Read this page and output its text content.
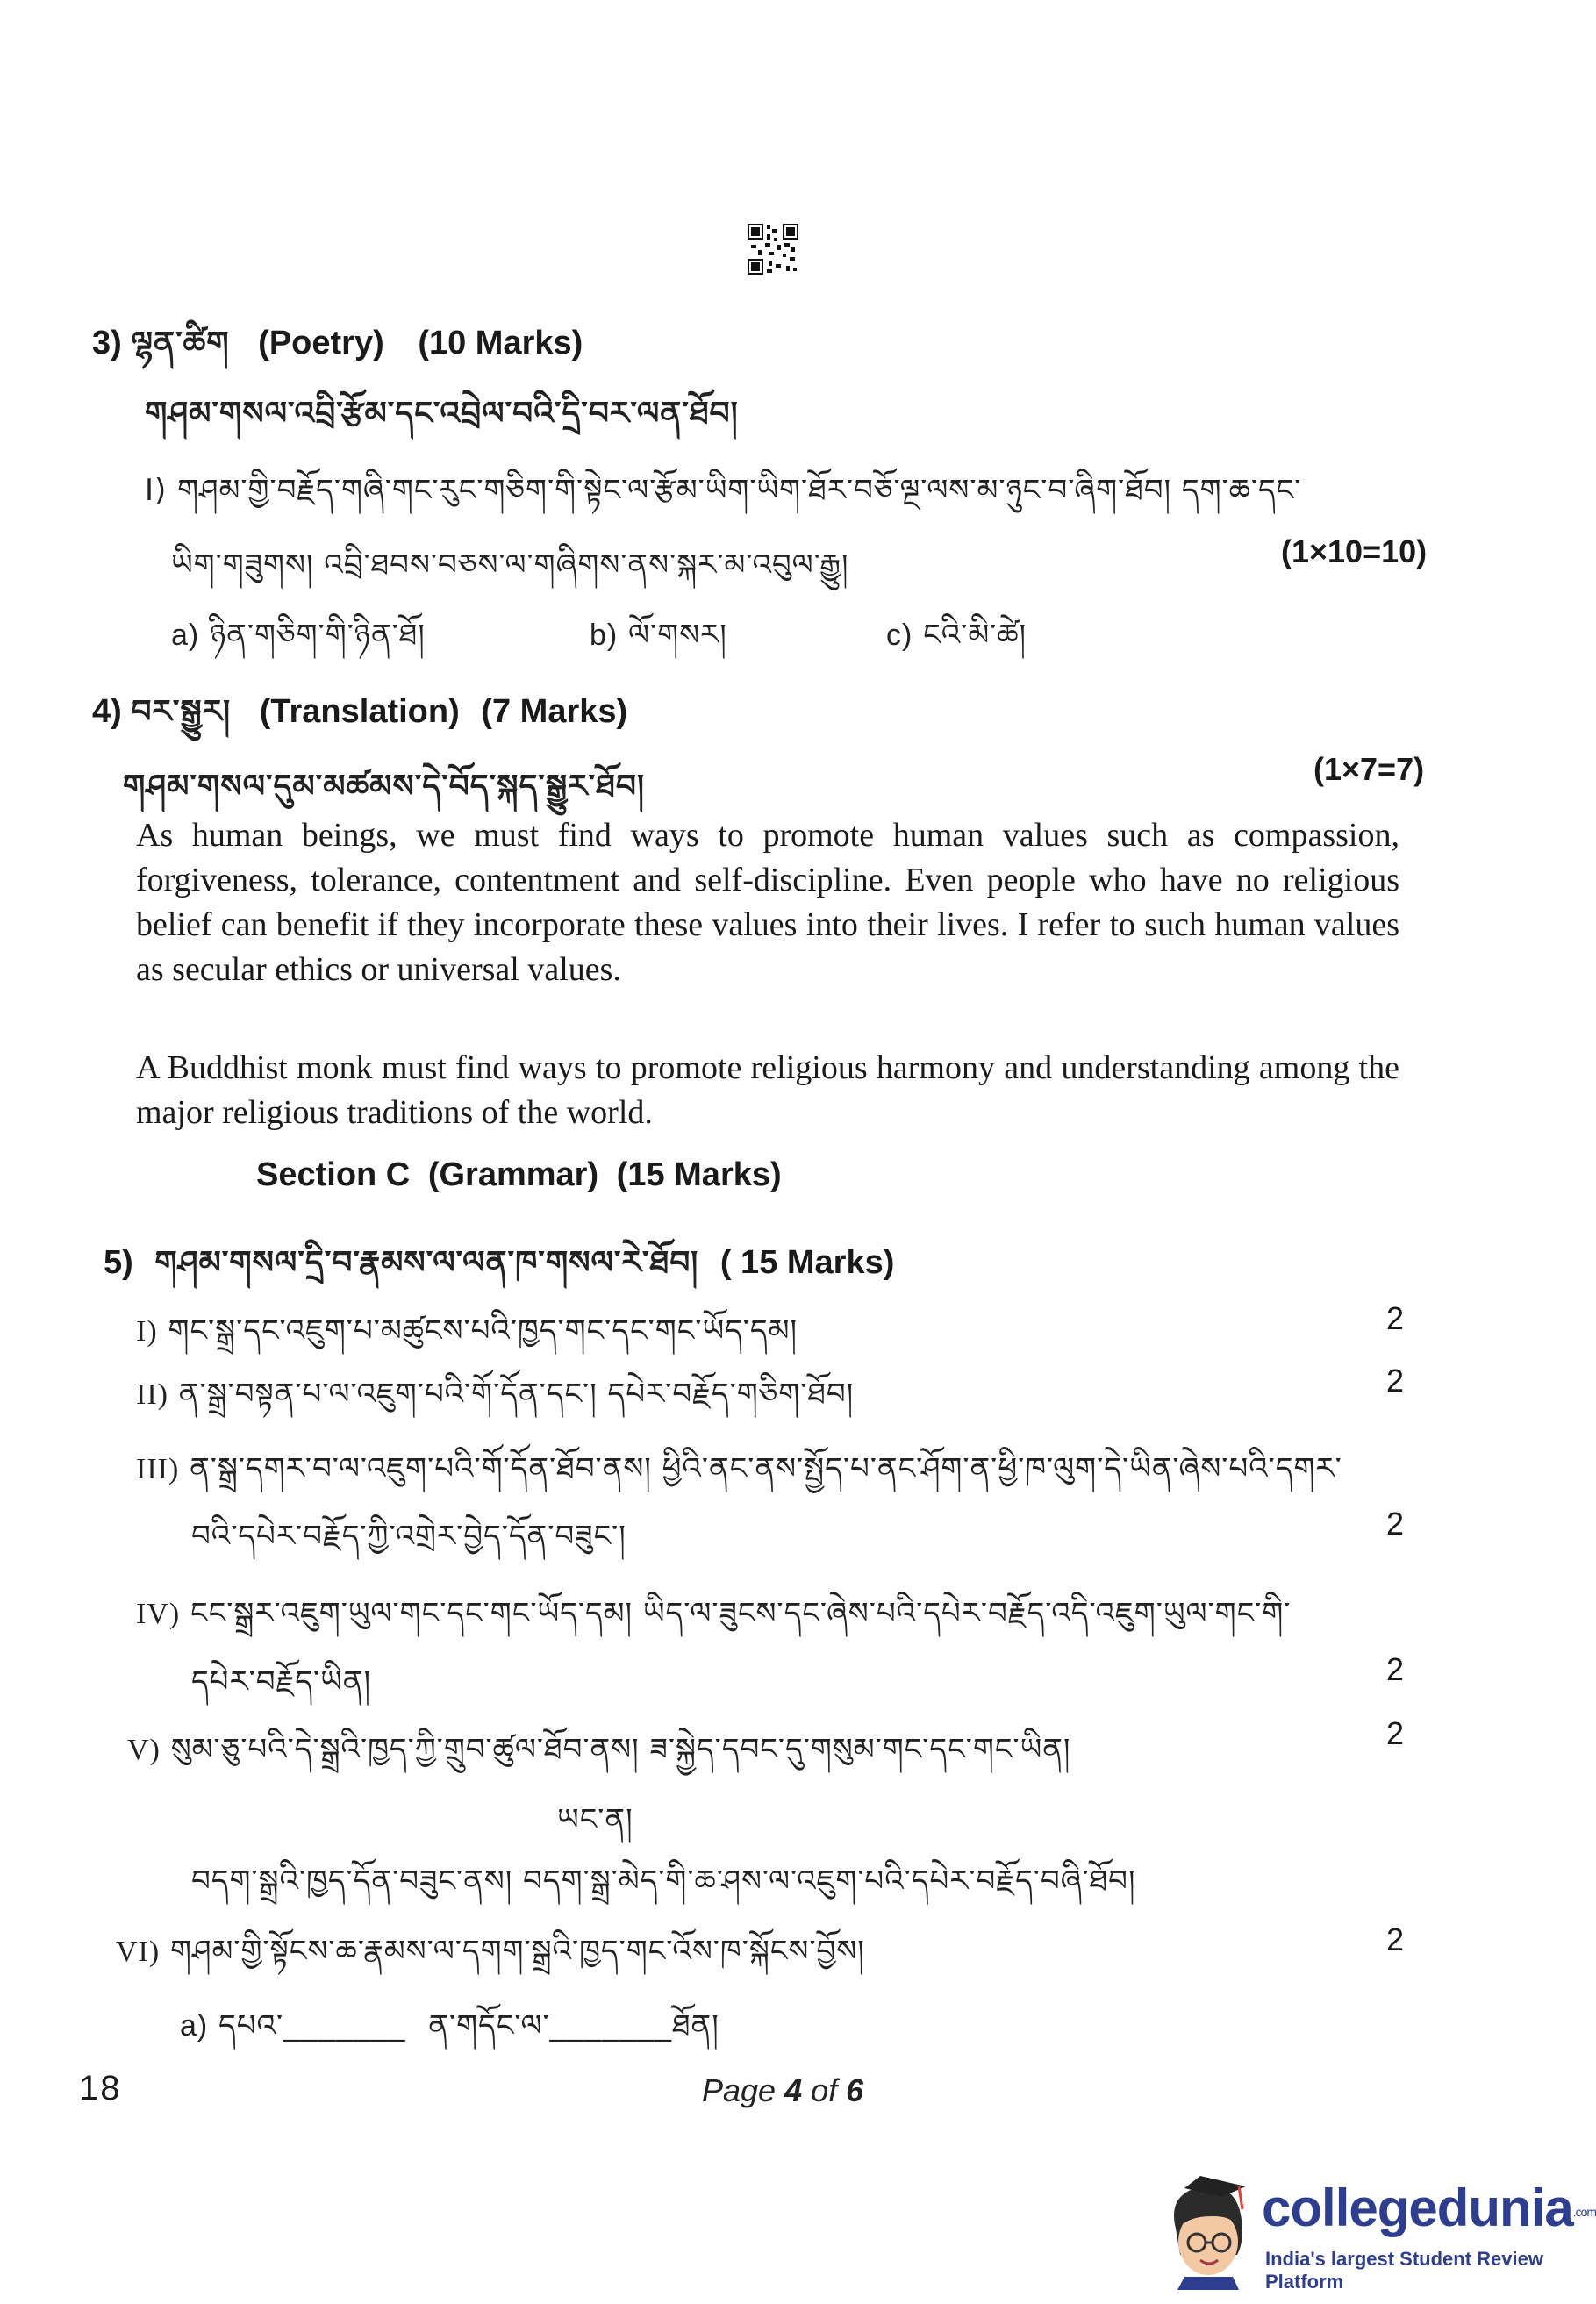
3) ལྷན་ཚིག (Poetry) (10 Marks)
གཤམ་གསལ་འབྲི་རྩོམ་དང་འབྲེལ་བའི་དྲི་བར་ལན་ཐོབ།
I) གཤམ་གྱི་བརྗོད་གཞི་གང་རུང་གཅིག་གི་སྟེང་ལ་རྩོམ་ཡིག་ཡིག་ཐོར་བཅོ་ལྔ་ལས་མ་ཉུང་བ་ཞིག་ཐོབ། དག་ཆ་དང་
ཡིག་གཟུགས། འབྲི་ཐབས་བཅས་ལ་གཞིགས་ནས་སྐར་མ་འབུལ་རྒྱུ།	(1×10=10)
a) ཉིན་གཅིག་གི་ཉིན་ཐོ།	b) ལོ་གསར།	c) ངའི་མི་ཚེ།
4) བར་སྒྱུར། (Translation) (7 Marks)
གཤམ་གསལ་དུམ་མཚམས་དེ་བོད་སྐད་སྒྱུར་ཐོབ།	(1×7=7)
As human beings, we must find ways to promote human values such as compassion, forgiveness, tolerance, contentment and self-discipline. Even people who have no religious belief can benefit if they incorporate these values into their lives. I refer to such human values as secular ethics or universal values.
A Buddhist monk must find ways to promote religious harmony and understanding among the major religious traditions of the world.
Section C (Grammar) (15 Marks)
5) གཤམ་གསལ་དྲི་བ་རྣམས་ལ་ལན་ཁ་གསལ་རེ་ཐོབ། ( 15 Marks)
I) གང་སྒྲ་དང་འཇུག་པ་མཚུངས་པའི་ཁྱད་གང་དང་གང་ཡོད་དམ།	2
II) ན་སྒྲ་བསྟན་པ་ལ་འཇུག་པའི་གོ་དོན་དང་། དཔེར་བརྗོད་གཅིག་ཐོབ།	2
III) ན་སྒྲ་དགར་བ་ལ་འཇུག་པའི་གོ་དོན་ཐོབ་ནས། ཕྱིའི་ནང་ནས་སྤྱོད་པ་ནང་ཤོག་ན་ཕྱི་ཁ་ལུག་དེ་ཡིན་ཞེས་པའི་དགར་
བའི་དཔེར་བརྗོད་ཀྱི་འགྲེར་བྱེད་དོན་བཟུང་།	2
IV) ངང་སྒྲར་འཇུག་ཡུལ་གང་དང་གང་ཡོད་དམ། ཡིད་ལ་ཟུངས་དང་ཞེས་པའི་དཔེར་བརྗོད་འདི་འཇུག་ཡུལ་གང་གི་
དཔེར་བརྗོད་ཡིན།	2
V) སུམ་ཅུ་པའི་དེ་སྒྲའི་ཁྱད་ཀྱི་གྲུབ་ཚུལ་ཐོབ་ནས། ཟ་སྐྱེད་དབང་དུ་གསུམ་གང་དང་གང་ཡིན།	2
ཡང་ན།
བདག་སྒྲའི་ཁྱད་དོན་བཟུང་ནས། བདག་སྒྲ་མེད་གི་ཆ་ཤས་ལ་འཇུག་པའི་དཔེར་བརྗོད་བཞི་ཐོབ།
VI) གཤམ་གྱི་སྟོངས་ཆ་རྣམས་ལ་དགག་སྒྲའི་ཁྱད་གང་འོས་ཁ་སྐོངས་བྱོས།	2
a) དཔའ་_______ ན་གདོང་ལ་_______ཐོན།
18	Page 4 of 6
collegedunia.com
India's largest Student Review Platform
